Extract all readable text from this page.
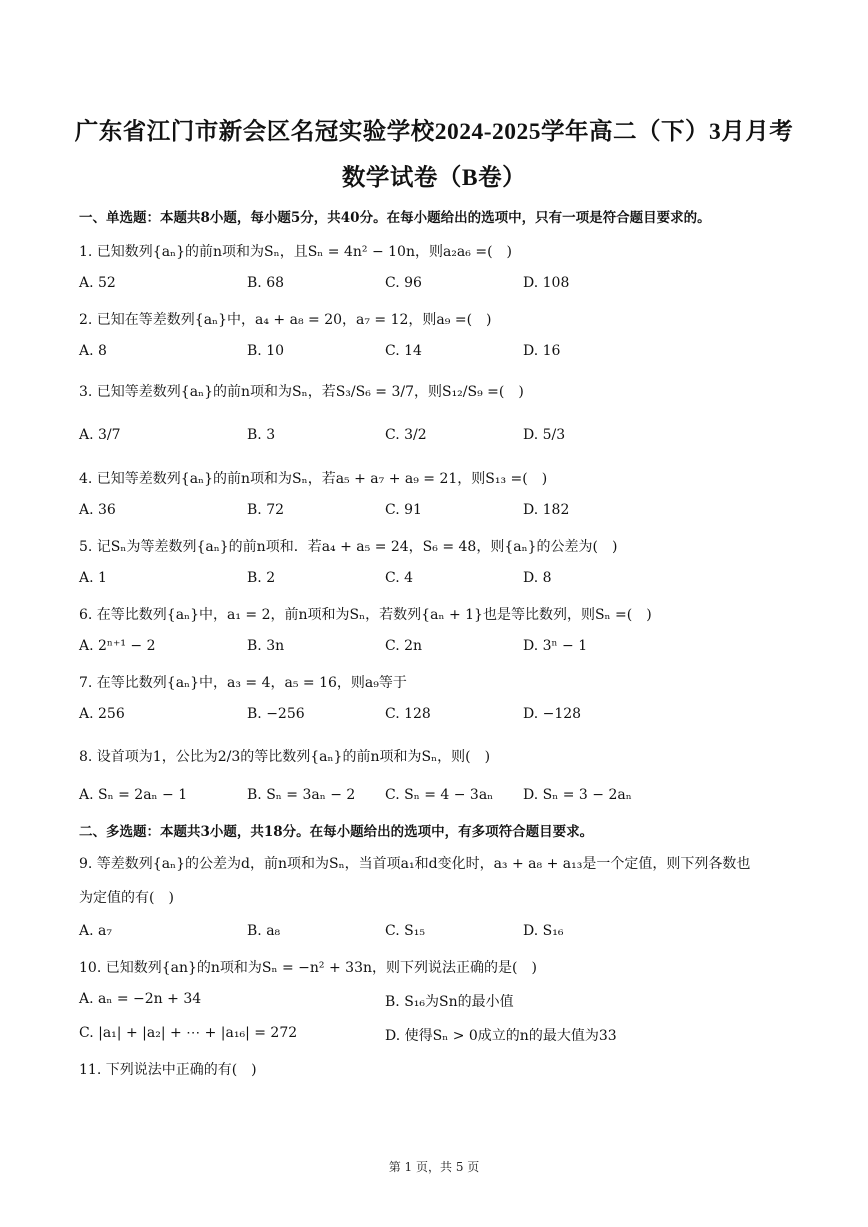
广东省江门市新会区名冠实验学校2024-2025学年高二（下）3月月考
数学试卷（B卷）
一、单选题：本题共8小题，每小题5分，共40分。在每小题给出的选项中，只有一项是符合题目要求的。
1. 已知数列{aₙ}的前n项和为Sₙ，且Sₙ = 4n² − 10n，则a₂a₆ =(　)
A. 52	B. 68	C. 96	D. 108
2. 已知在等差数列{aₙ}中，a₄ + a₈ = 20，a₇ = 12，则a₉ =(　)
A. 8	B. 10	C. 14	D. 16
3. 已知等差数列{aₙ}的前n项和为Sₙ，若S₃/S₆ = 3/7，则S₁₂/S₉ =(　)
A. 3/7	B. 3	C. 3/2	D. 5/3
4. 已知等差数列{aₙ}的前n项和为Sₙ，若a₅ + a₇ + a₉ = 21，则S₁₃ =(　)
A. 36	B. 72	C. 91	D. 182
5. 记Sₙ为等差数列{aₙ}的前n项和．若a₄ + a₅ = 24，S₆ = 48，则{aₙ}的公差为(　)
A. 1	B. 2	C. 4	D. 8
6. 在等比数列{aₙ}中，a₁ = 2，前n项和为Sₙ，若数列{aₙ + 1}也是等比数列，则Sₙ =(　)
A. 2ⁿ⁺¹ − 2	B. 3n	C. 2n	D. 3ⁿ − 1
7. 在等比数列{aₙ}中，a₃ = 4，a₅ = 16，则a₉等于
A. 256	B. −256	C. 128	D. −128
8. 设首项为1，公比为2/3的等比数列{aₙ}的前n项和为Sₙ，则(　)
A. Sₙ = 2aₙ − 1	B. Sₙ = 3aₙ − 2 C. Sₙ = 4 − 3aₙ D. Sₙ = 3 − 2aₙ
二、多选题：本题共3小题，共18分。在每小题给出的选项中，有多项符合题目要求。
9. 等差数列{aₙ}的公差为d，前n项和为Sₙ，当首项a₁和d变化时，a₃ + a₈ + a₁₃是一个定值，则下列各数也
为定值的有(　)
A. a₇	B. a₈	C. S₁₅	D. S₁₆
10. 已知数列{an}的n项和为Sₙ = −n² + 33n，则下列说法正确的是(　)
A. aₙ = −2n + 34	B. S₁₆为Sn的最小值
C. |a₁| + |a₂| + ⋯ + |a₁₆| = 272	D. 使得Sₙ > 0成立的n的最大值为33
11. 下列说法中正确的有(　)
第 1 页，共 5 页
